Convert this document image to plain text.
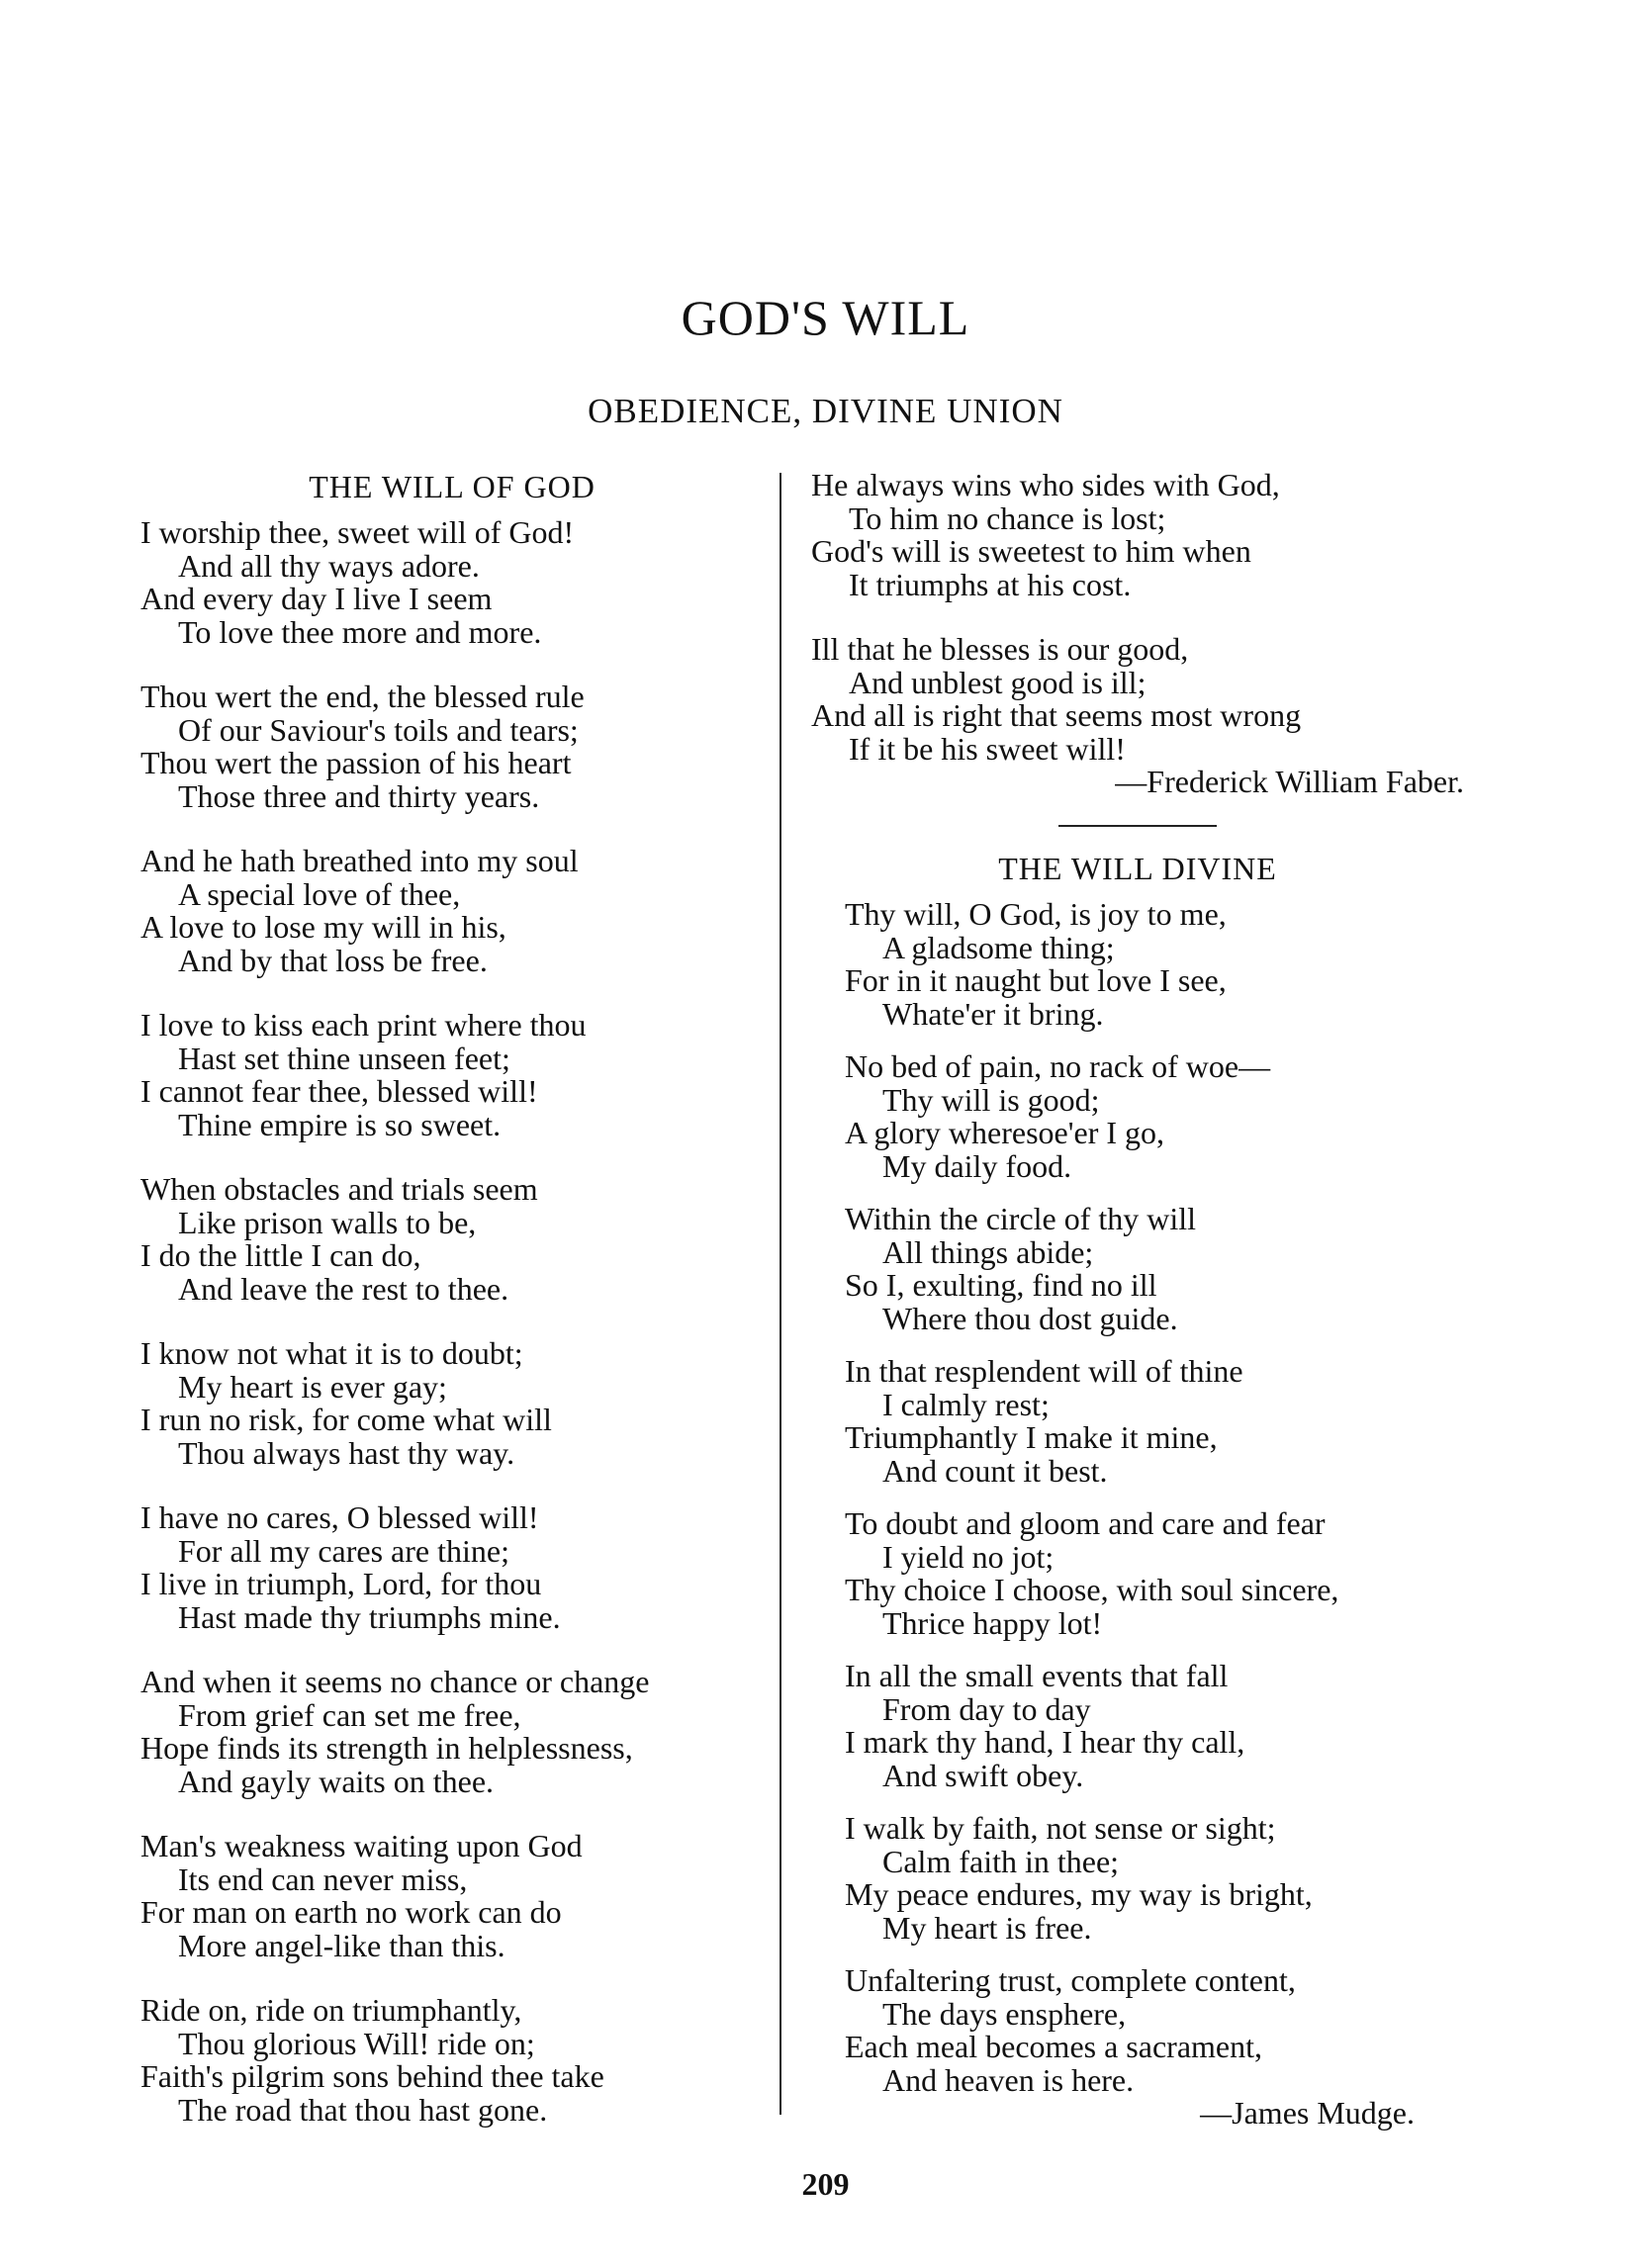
GOD'S WILL
OBEDIENCE, DIVINE UNION
THE WILL OF GOD
I worship thee, sweet will of God!
And all thy ways adore.
And every day I live I seem
To love thee more and more.
Thou wert the end, the blessed rule
Of our Saviour's toils and tears;
Thou wert the passion of his heart
Those three and thirty years.
And he hath breathed into my soul
A special love of thee,
A love to lose my will in his,
And by that loss be free.
I love to kiss each print where thou
Hast set thine unseen feet;
I cannot fear thee, blessed will!
Thine empire is so sweet.
When obstacles and trials seem
Like prison walls to be,
I do the little I can do,
And leave the rest to thee.
I know not what it is to doubt;
My heart is ever gay;
I run no risk, for come what will
Thou always hast thy way.
I have no cares, O blessed will!
For all my cares are thine;
I live in triumph, Lord, for thou
Hast made thy triumphs mine.
And when it seems no chance or change
From grief can set me free,
Hope finds its strength in helplessness,
And gayly waits on thee.
Man's weakness waiting upon God
Its end can never miss,
For man on earth no work can do
More angel-like than this.
Ride on, ride on triumphantly,
Thou glorious Will! ride on;
Faith's pilgrim sons behind thee take
The road that thou hast gone.
He always wins who sides with God,
To him no chance is lost;
God's will is sweetest to him when
It triumphs at his cost.
Ill that he blesses is our good,
And unblest good is ill;
And all is right that seems most wrong
If it be his sweet will!
—Frederick William Faber.
THE WILL DIVINE
Thy will, O God, is joy to me,
A gladsome thing;
For in it naught but love I see,
Whate'er it bring.
No bed of pain, no rack of woe—
Thy will is good;
A glory wheresoe'er I go,
My daily food.
Within the circle of thy will
All things abide;
So I, exulting, find no ill
Where thou dost guide.
In that resplendent will of thine
I calmly rest;
Triumphantly I make it mine,
And count it best.
To doubt and gloom and care and fear
I yield no jot;
Thy choice I choose, with soul sincere,
Thrice happy lot!
In all the small events that fall
From day to day
I mark thy hand, I hear thy call,
And swift obey.
I walk by faith, not sense or sight;
Calm faith in thee;
My peace endures, my way is bright,
My heart is free.
Unfaltering trust, complete content,
The days ensphere,
Each meal becomes a sacrament,
And heaven is here.
—James Mudge.
209
